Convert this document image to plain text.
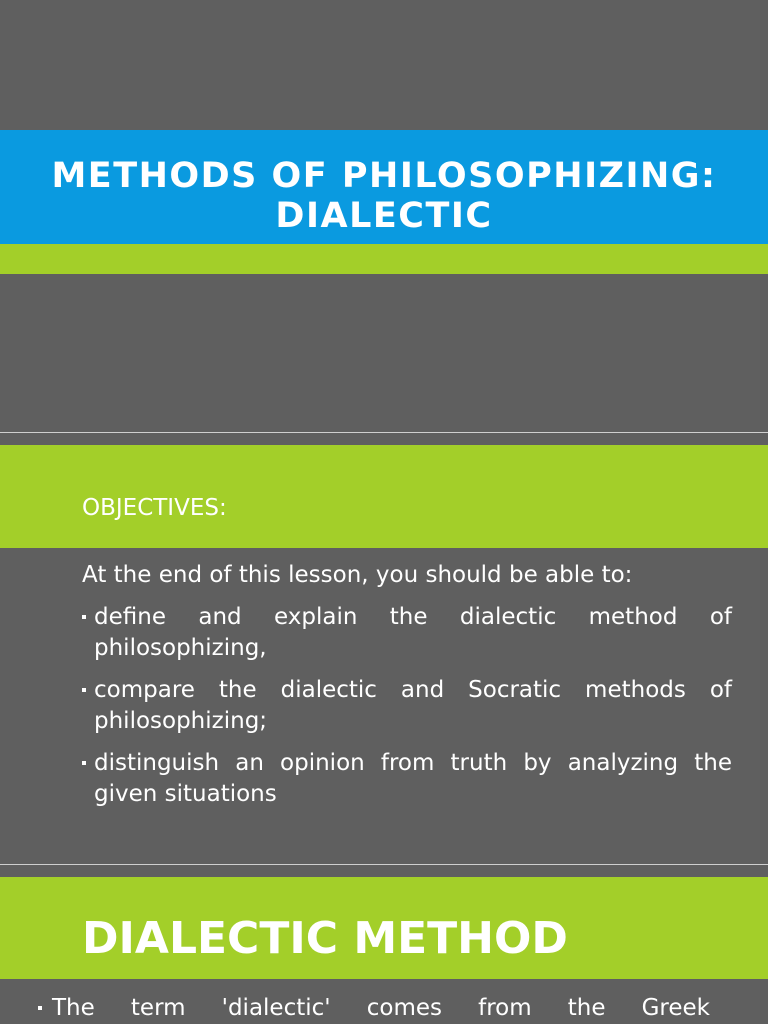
METHODS OF PHILOSOPHIZING:
DIALECTIC
OBJECTIVES:
At the end of this lesson, you should be able to:
define and explain the dialectic method of philosophizing,
compare the dialectic and Socratic methods of philosophizing;
distinguish an opinion from truth by analyzing the given situations
DIALECTIC METHOD
The term 'dialectic' comes from the Greek
